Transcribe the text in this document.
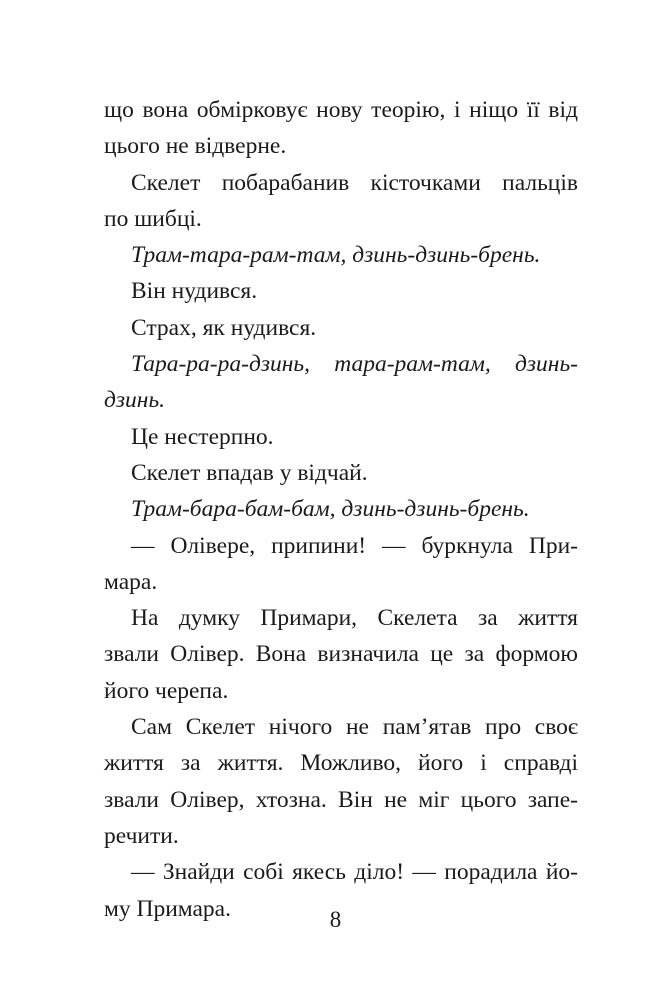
що вона обмірковує нову теорію, і ніщо її від
цього не відверне.
Скелет побарабанив кісточками пальців
по шибці.
Трам-тара-рам-там, дзинь-дзинь-брень.
Він нудився.
Страх, як нудився.
Тара-ра-ра-дзинь, тара-рам-там, дзинь-
дзинь.
Це нестерпно.
Скелет впадав у відчай.
Трам-бара-бам-бам, дзинь-дзинь-брень.
— Олівере, припини! — буркнула При-
мара.
На думку Примари, Скелета за життя
звали Олівер. Вона визначила це за формою
його черепа.
Сам Скелет нічого не пам’ятав про своє
життя за життя. Можливо, його і справді
звали Олівер, хтозна. Він не міг цього запе-
речити.
— Знайди собі якесь діло! — порадила йо-
му Примара.	8
